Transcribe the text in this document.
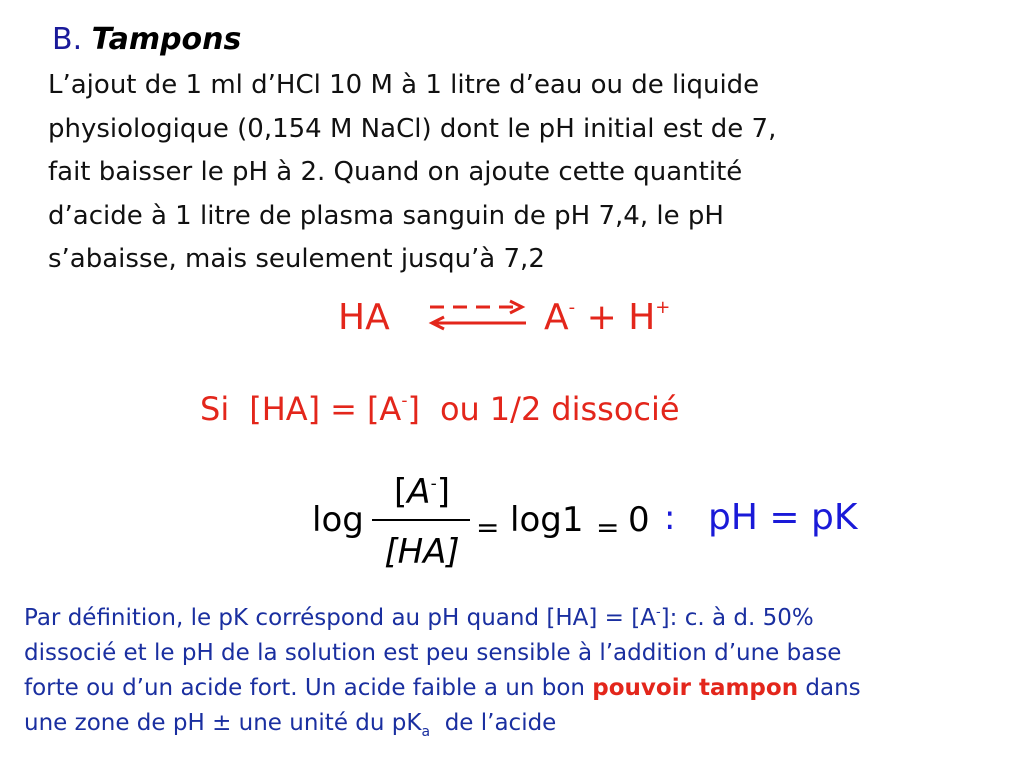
B. Tampons
L’ajout de 1 ml d’HCl 10 M à 1 litre d’eau ou de liquide
physiologique (0,154 M NaCl) dont le pH initial est de 7,
fait baisser le pH à 2. Quand on ajoute cette quantité
d’acide à 1 litre de plasma sanguin de pH 7,4, le pH
s’abaisse, mais seulement jusqu’à 7,2
HA	A- + H+
Si [HA] = [A-] ou 1/2 dissocié
log
[A-]
[HA]
= log1 = 0 : pH = pK
Par définition, le pK corréspond au pH quand [HA] = [A-]: c. à d. 50%
dissocié et le pH de la solution est peu sensible à l’addition d’une base
forte ou d’un acide fort. Un acide faible a un bon pouvoir tampon dans
une zone de pH ± une unité du $pK_a$ de l’acide
